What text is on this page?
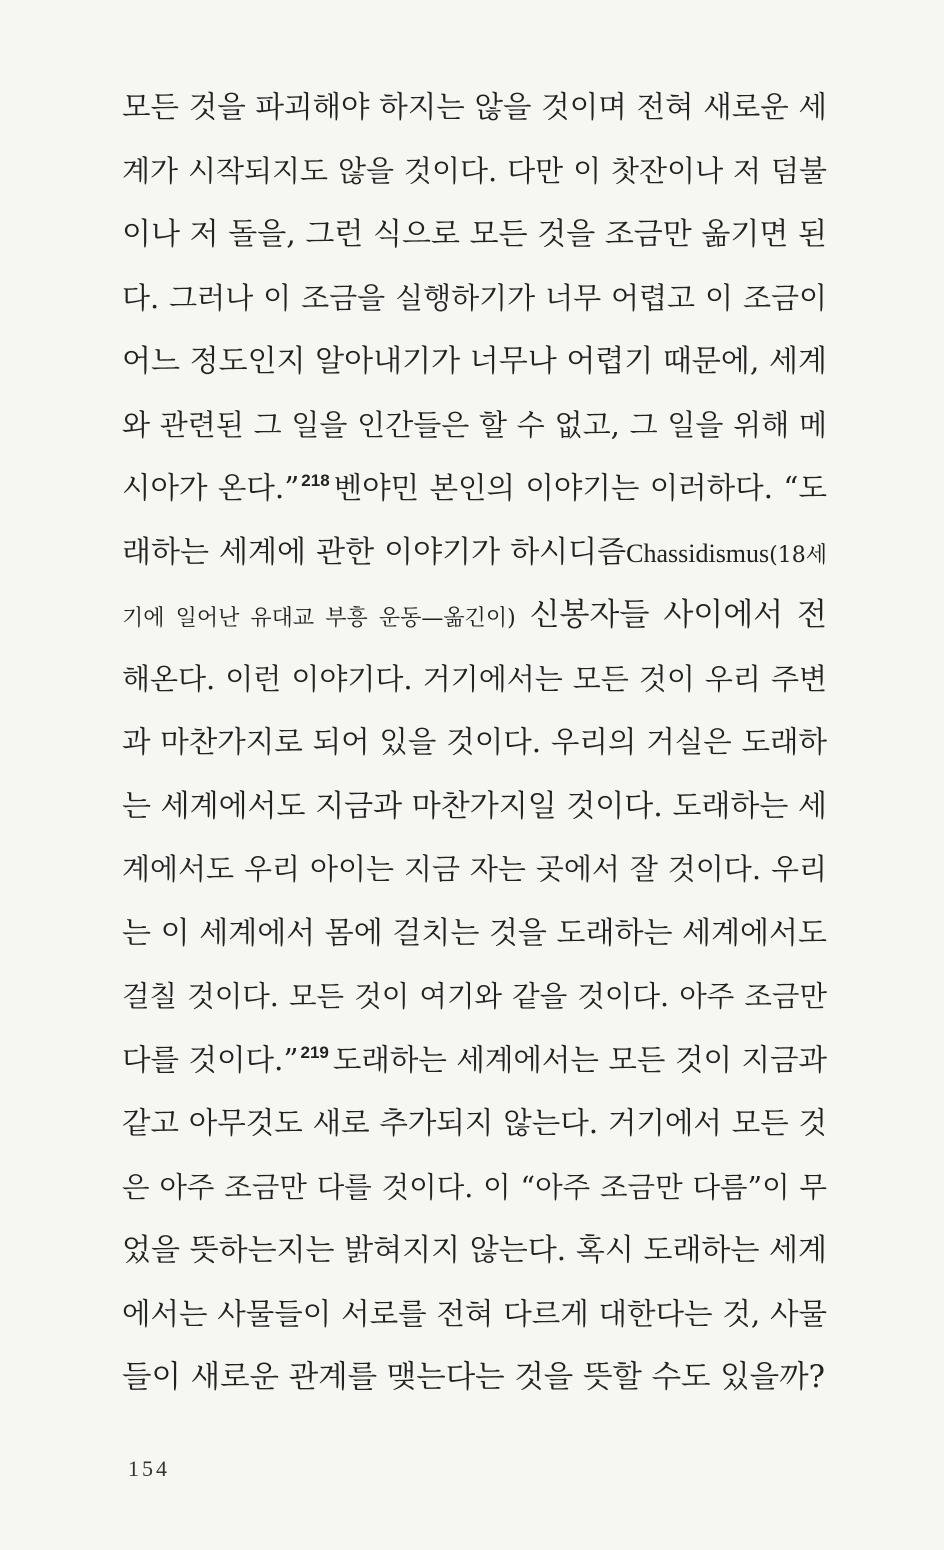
모든 것을 파괴해야 하지는 않을 것이며 전혀 새로운 세
계가 시작되지도 않을 것이다. 다만 이 찻잔이나 저 덤불
이나 저 돌을, 그런 식으로 모든 것을 조금만 옮기면 된
다. 그러나 이 조금을 실행하기가 너무 어렵고 이 조금이
어느 정도인지 알아내기가 너무나 어렵기 때문에, 세계
와 관련된 그 일을 인간들은 할 수 없고, 그 일을 위해 메
시아가 온다.” $^{218}$ 벤야민 본인의 이야기는 이러하다. “도
래하는 세계에 관한 이야기가 하시디즘Chassidismus(18세
기에 일어난 유대교 부흥 운동—옮긴이) 신봉자들 사이에서 전
해온다. 이런 이야기다. 거기에서는 모든 것이 우리 주변
과 마찬가지로 되어 있을 것이다. 우리의 거실은 도래하
는 세계에서도 지금과 마찬가지일 것이다. 도래하는 세
계에서도 우리 아이는 지금 자는 곳에서 잘 것이다. 우리
는 이 세계에서 몸에 걸치는 것을 도래하는 세계에서도
걸칠 것이다. 모든 것이 여기와 같을 것이다. 아주 조금만
다를 것이다.” $^{219}$ 도래하는 세계에서는 모든 것이 지금과
같고 아무것도 새로 추가되지 않는다. 거기에서 모든 것
은 아주 조금만 다를 것이다. 이 “아주 조금만 다름”이 무
었을 뜻하는지는 밝혀지지 않는다. 혹시 도래하는 세계
에서는 사물들이 서로를 전혀 다르게 대한다는 것, 사물
들이 새로운 관계를 맺는다는 것을 뜻할 수도 있을까?
154
